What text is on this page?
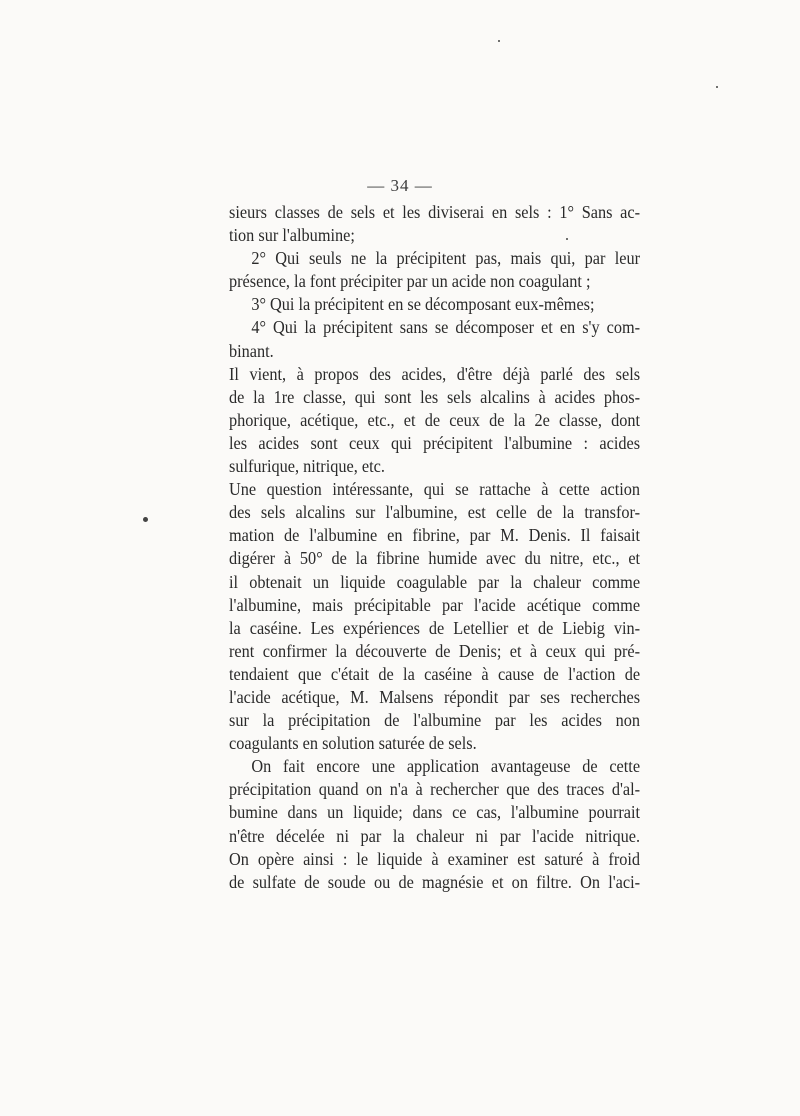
— 34 —
sieurs classes de sels et les diviserai en sels : 1° Sans ac-
tion sur l'albumine;
2° Qui seuls ne la précipitent pas, mais qui, par leur
présence, la font précipiter par un acide non coagulant ;
3° Qui la précipitent en se décomposant eux-mêmes;
4° Qui la précipitent sans se décomposer et en s'y com-
binant.
Il vient, à propos des acides, d'être déjà parlé des sels
de la 1re classe, qui sont les sels alcalins à acides phos-
phorique, acétique, etc., et de ceux de la 2e classe, dont
les acides sont ceux qui précipitent l'albumine : acides
sulfurique, nitrique, etc.
Une question intéressante, qui se rattache à cette action
des sels alcalins sur l'albumine, est celle de la transfor-
mation de l'albumine en fibrine, par M. Denis. Il faisait
digérer à 50° de la fibrine humide avec du nitre, etc., et
il obtenait un liquide coagulable par la chaleur comme
l'albumine, mais précipitable par l'acide acétique comme
la caséine. Les expériences de Letellier et de Liebig vin-
rent confirmer la découverte de Denis; et à ceux qui pré-
tendaient que c'était de la caséine à cause de l'action de
l'acide acétique, M. Malsens répondit par ses recherches
sur la précipitation de l'albumine par les acides non
coagulants en solution saturée de sels.
On fait encore une application avantageuse de cette
précipitation quand on n'a à rechercher que des traces d'al-
bumine dans un liquide; dans ce cas, l'albumine pourrait
n'être décelée ni par la chaleur ni par l'acide nitrique.
On opère ainsi : le liquide à examiner est saturé à froid
de sulfate de soude ou de magnésie et on filtre. On l'aci-
